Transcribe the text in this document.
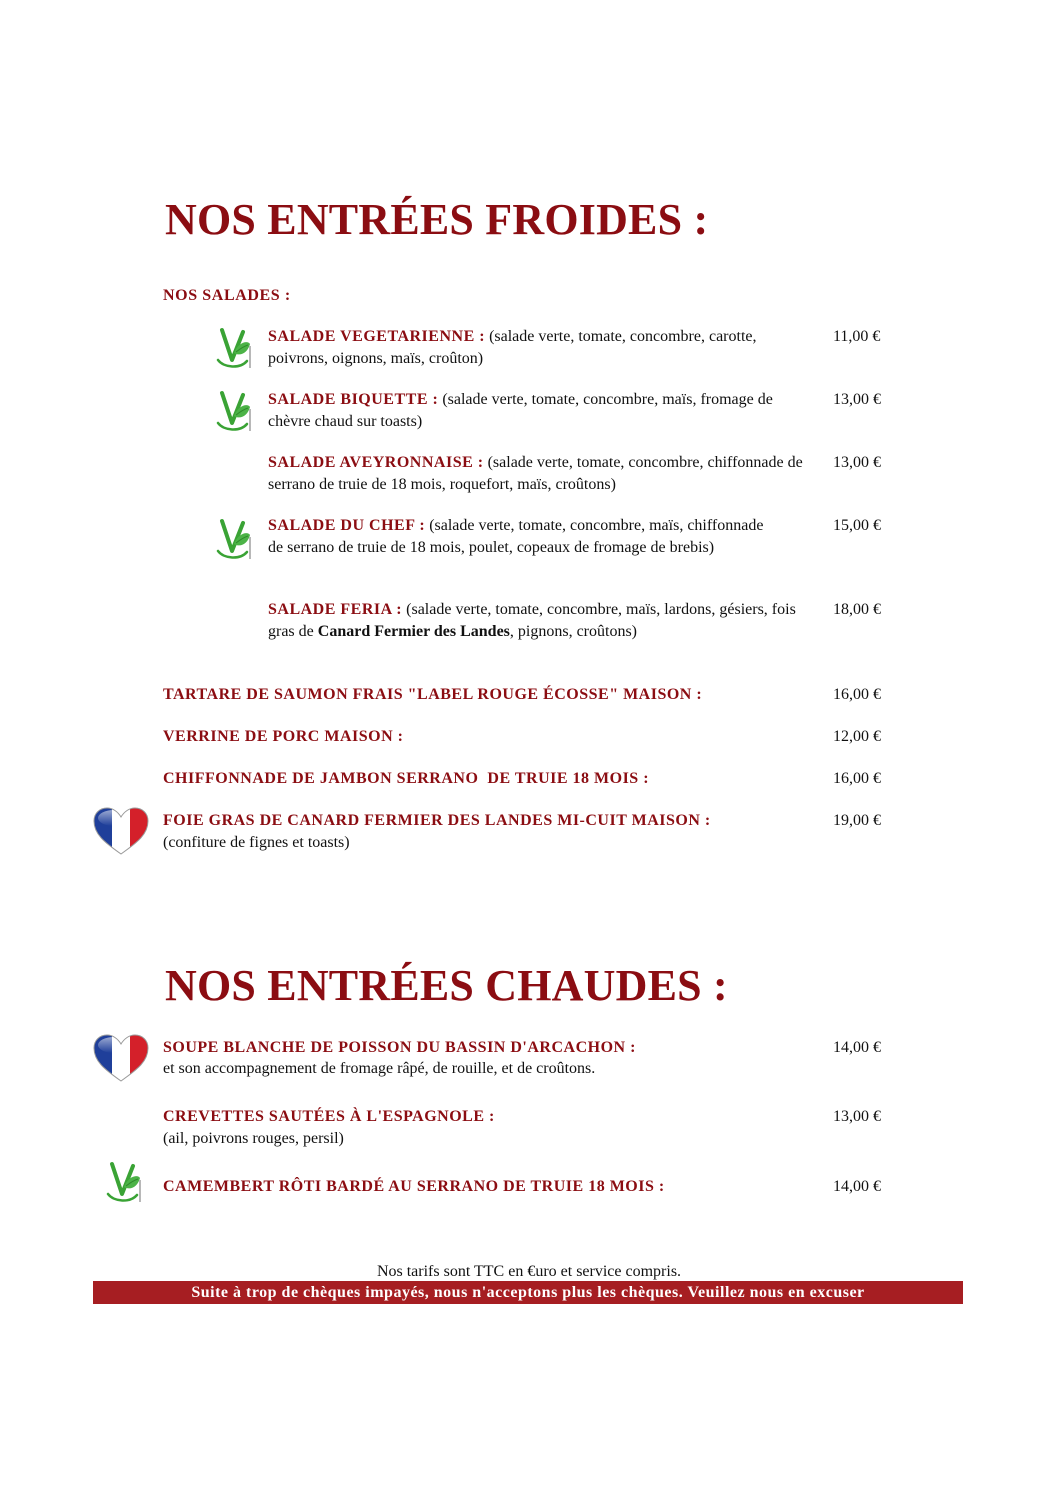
NOS ENTRÉES FROIDES :
NOS SALADES :
SALADE VEGETARIENNE : (salade verte, tomate, concombre, carotte, poivrons, oignons, maïs, croûton)
11,00 €
SALADE BIQUETTE : (salade verte, tomate, concombre, maïs, fromage de chèvre chaud sur toasts)
13,00 €
SALADE AVEYRONNAISE : (salade verte, tomate, concombre, chiffonnade de serrano de truie de 18 mois, roquefort, maïs, croûtons)
13,00 €
SALADE DU CHEF : (salade verte, tomate, concombre, maïs, chiffonnade de serrano de truie de 18 mois, poulet, copeaux de fromage de brebis)
15,00 €
SALADE FERIA : (salade verte, tomate, concombre, maïs, lardons, gésiers, fois gras de Canard Fermier des Landes, pignons, croûtons)
18,00 €
TARTARE DE SAUMON FRAIS "LABEL ROUGE ÉCOSSE" MAISON :	16,00 €
VERRINE DE PORC MAISON :	12,00 €
CHIFFONNADE DE JAMBON SERRANO  DE TRUIE 18 MOIS :	16,00 €
FOIE GRAS DE CANARD FERMIER DES LANDES MI-CUIT MAISON :
(confiture de fignes et toasts)
19,00 €
NOS ENTRÉES CHAUDES :
SOUPE BLANCHE DE POISSON DU BASSIN D'ARCACHON :
et son accompagnement de fromage râpé, de rouille, et de croûtons.
14,00 €
CREVETTES SAUTÉES À L'ESPAGNOLE :
(ail, poivrons rouges, persil)
13,00 €
CAMEMBERT RÔTI BARDÉ AU SERRANO DE TRUIE 18 MOIS :	14,00 €
Nos tarifs sont TTC en €uro et service compris.
Suite à trop de chèques impayés, nous n'acceptons plus les chèques. Veuillez nous en excuser
